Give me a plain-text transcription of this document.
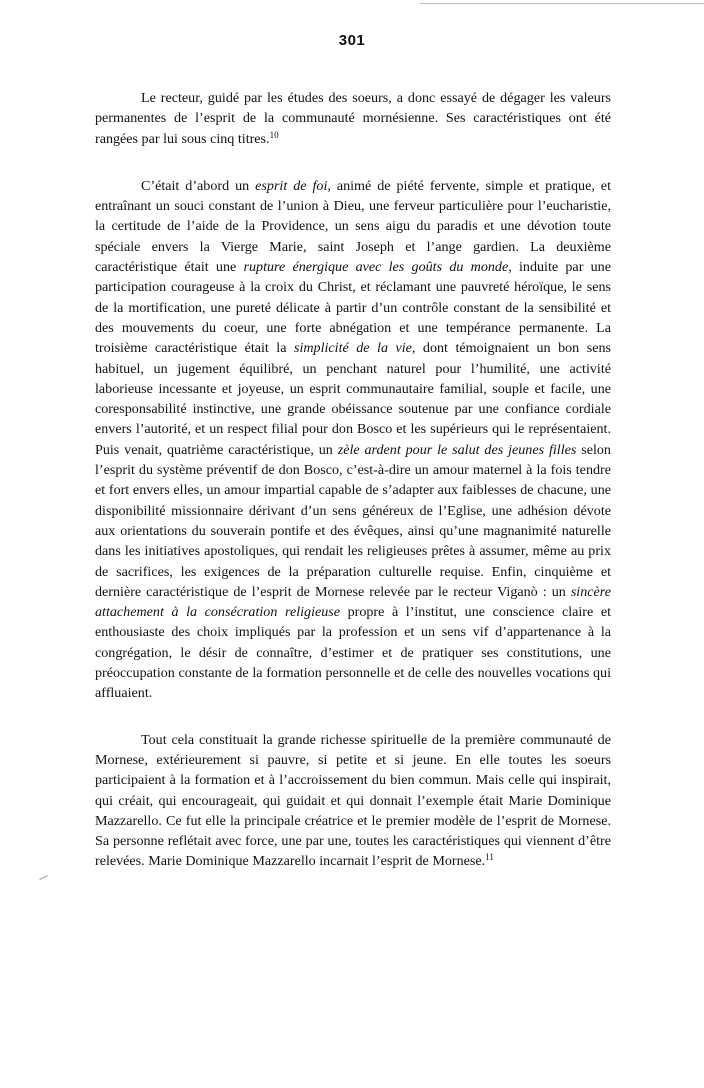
301

Le recteur, guidé par les études des soeurs, a donc essayé de dégager les valeurs permanentes de l’esprit de la communauté mornésienne. Ses caractéristiques ont été rangées par lui sous cinq titres.$^{10}$

C’était d’abord un esprit de foi, animé de piété fervente, simple et pratique, et entraînant un souci constant de l’union à Dieu, une ferveur particulière pour l’eucharistie, la certitude de l’aide de la Providence, un sens aigu du paradis et une dévotion toute spéciale envers la Vierge Marie, saint Joseph et l’ange gardien. La deuxième caractéristique était une rupture énergique avec les goûts du monde, induite par une participation courageuse à la croix du Christ, et réclamant une pauvreté héroïque, le sens de la mortification, une pureté délicate à partir d’un contrôle constant de la sensibilité et des mouvements du coeur, une forte abnégation et une tempérance permanente. La troisième caractéristique était la simplicité de la vie, dont témoignaient un bon sens habituel, un jugement équilibré, un penchant naturel pour l’humilité, une activité laborieuse incessante et joyeuse, un esprit communautaire familial, souple et facile, une coresponsabilité instinctive, une grande obéissance soutenue par une confiance cordiale envers l’autorité, et un respect filial pour don Bosco et les supérieurs qui le représentaient. Puis venait, quatrième caractéristique, un zèle ardent pour le salut des jeunes filles selon l’esprit du système préventif de don Bosco, c’est-à-dire un amour maternel à la fois tendre et fort envers elles, un amour impartial capable de s’adapter aux faiblesses de chacune, une disponibilité missionnaire dérivant d’un sens généreux de l’Eglise, une adhésion dévote aux orientations du souverain pontife et des évêques, ainsi qu’une magnanimité naturelle dans les initiatives apostoliques, qui rendait les religieuses prêtes à assumer, même au prix de sacrifices, les exigences de la préparation culturelle requise. Enfin, cinquième et dernière caractéristique de l’esprit de Mornese relevée par le recteur Viganò : un sincère attachement à la consécration religieuse propre à l’institut, une conscience claire et enthousiaste des choix impliqués par la profession et un sens vif d’appartenance à la congrégation, le désir de connaître, d’estimer et de pratiquer ses constitutions, une préoccupation constante de la formation personnelle et de celle des nouvelles vocations qui affluaient.

Tout cela constituait la grande richesse spirituelle de la première communauté de Mornese, extérieurement si pauvre, si petite et si jeune. En elle toutes les soeurs participaient à la formation et à l’accroissement du bien commun. Mais celle qui inspirait, qui créait, qui encourageait, qui guidait et qui donnait l’exemple était Marie Dominique Mazzarello. Ce fut elle la principale créatrice et le premier modèle de l’esprit de Mornese. Sa personne reflétait avec force, une par une, toutes les caractéristiques qui viennent d’être relevées. Marie Dominique Mazzarello incarnait l’esprit de Mornese.$^{11}$
